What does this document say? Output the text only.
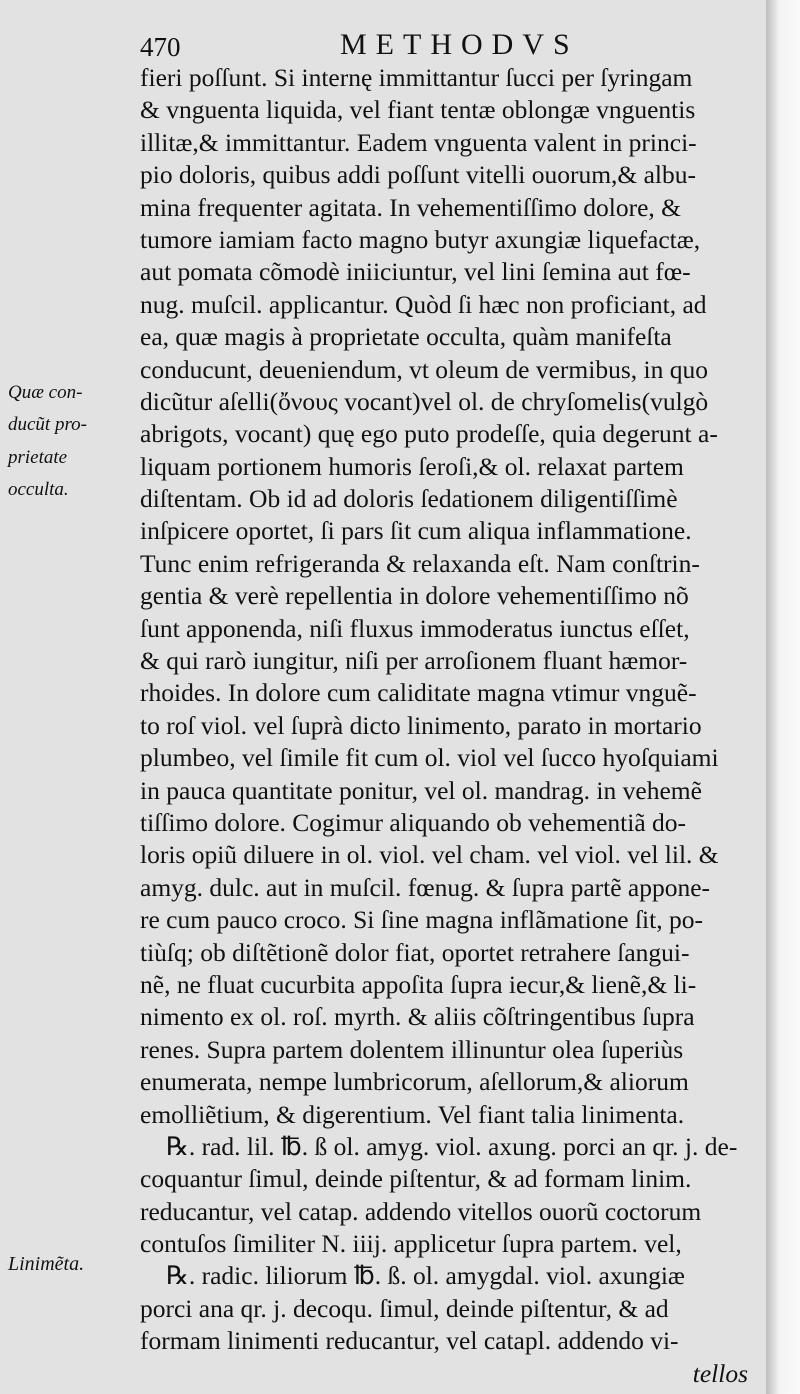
470	METHODVS
Quæ con-
ducũt pro-
prietate
occulta.
Linimẽta.
fieri poſſunt. Si internę immittantur ſucci per ſyringam
& vnguenta liquida, vel fiant tentæ oblongæ vnguentis
illitæ,& immittantur. Eadem vnguenta valent in princi-
pio doloris, quibus addi poſſunt vitelli ouorum,& albu-
mina frequenter agitata. In vehementiſſimo dolore, &
tumore iamiam facto magno butyr axungiæ liquefactæ,
aut pomata cõmodè iniiciuntur, vel lini ſemina aut fœ-
nug. muſcil. applicantur. Quòd ſi hæc non proficiant, ad
ea, quæ magis à proprietate occulta, quàm manifeſta
conducunt, deueniendum, vt oleum de vermibus, in quo
dicũtur aſelli(ὄνους vocant)vel ol. de chryſomelis(vulgò
abrigots, vocant) quę ego puto prodeſſe, quia degerunt a-
liquam portionem humoris ſeroſi,& ol. relaxat partem
diſtentam. Ob id ad doloris ſedationem diligentiſſimè
inſpicere oportet, ſi pars ſit cum aliqua inflammatione.
Tunc enim refrigeranda & relaxanda eſt. Nam conſtrin-
gentia & verè repellentia in dolore vehementiſſimo nõ
ſunt apponenda, niſi fluxus immoderatus iunctus eſſet,
& qui rarò iungitur, niſi per arroſionem fluant hæmor-
rhoides. In dolore cum caliditate magna vtimur vnguẽ-
to roſ viol. vel ſuprà dicto linimento, parato in mortario
plumbeo, vel ſimile fit cum ol. viol vel ſucco hyoſquiami
in pauca quantitate ponitur, vel ol. mandrag. in vehemẽ
tiſſimo dolore. Cogimur aliquando ob vehementiã do-
loris opiũ diluere in ol. viol. vel cham. vel viol. vel lil. &
amyg. dulc. aut in muſcil. fœnug. & ſupra partẽ appone-
re cum pauco croco. Si ſine magna inflãmatione ſit, po-
tiùſq; ob diſtẽtionẽ dolor fiat, oportet retrahere ſangui-
nẽ, ne fluat cucurbita appoſita ſupra iecur,& lienẽ,& li-
nimento ex ol. roſ. myrth. & aliis cõſtringentibus ſupra
renes. Supra partem dolentem illinuntur olea ſuperiùs
enumerata, nempe lumbricorum, aſellorum,& aliorum
emolliẽtium, & digerentium. Vel fiant talia linimenta.
℞. rad. lil. ℔. ß ol. amyg. viol. axung. porci an qr. j. de-
coquantur ſimul, deinde piſtentur, & ad formam linim.
reducantur, vel catap. addendo vitellos ouorũ coctorum
contuſos ſimiliter N. iiij. applicetur ſupra partem. vel,
℞. radic. liliorum ℔. ß. ol. amygdal. viol. axungiæ
porci ana qr. j. decoqu. ſimul, deinde piſtentur, & ad
formam linimenti reducantur, vel catapl. addendo vi-
tellos
